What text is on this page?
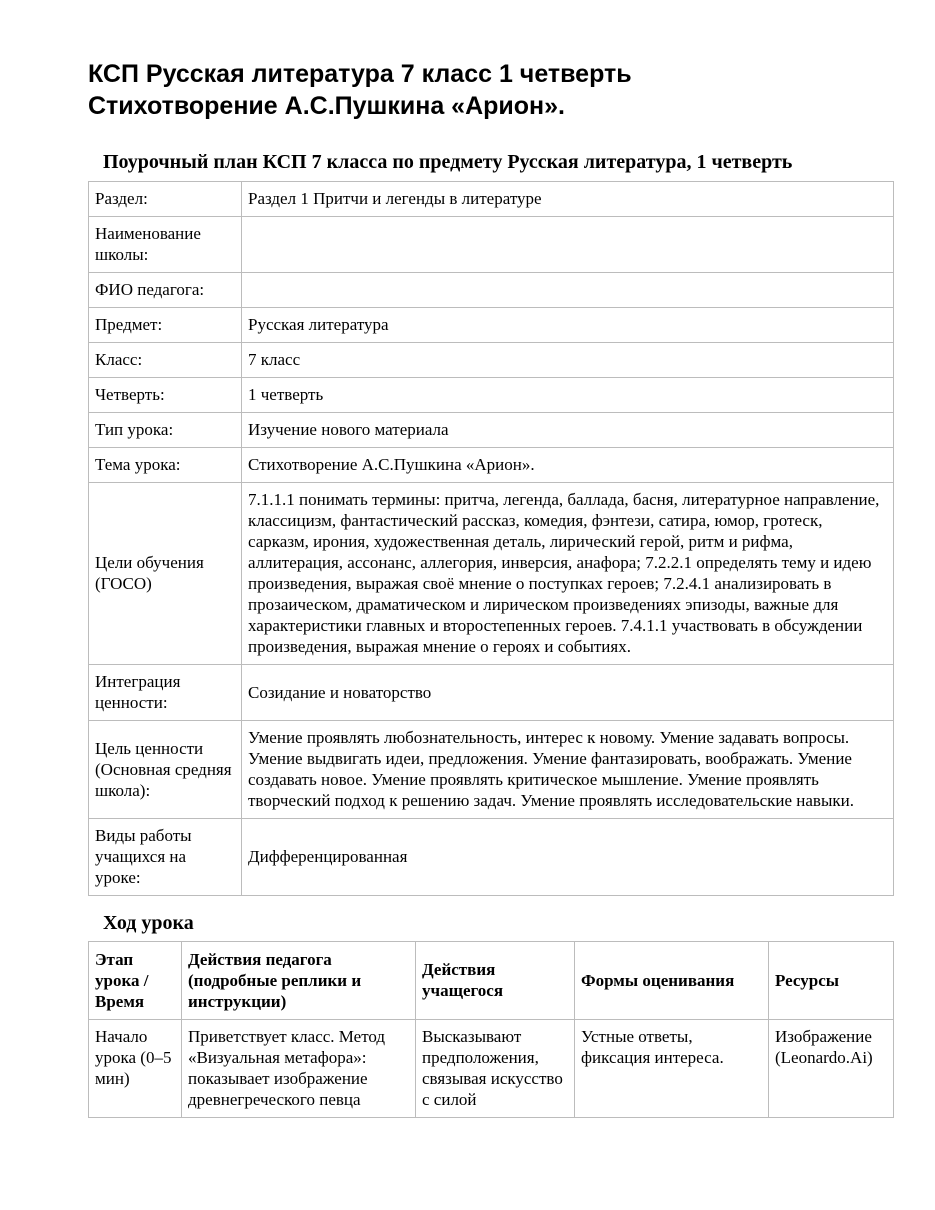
КСП Русская литература 7 класс 1 четверть
Стихотворение А.С.Пушкина «Арион».
Поурочный план КСП 7 класса по предмету Русская литература, 1 четверть
Раздел:	Раздел 1 Притчи и легенды в литературе
Наименование школы:	
ФИО педагога:	
Предмет:	Русская литература
Класс:	7 класс
Четверть:	1 четверть
Тип урока:	Изучение нового материала
Тема урока:	Стихотворение А.С.Пушкина «Арион».
Цели обучения (ГОСО)	7.1.1.1 понимать термины: притча, легенда, баллада, басня, литературное направление, классицизм, фантастический рассказ, комедия, фэнтези, сатира, юмор, гротеск, сарказм, ирония, художественная деталь, лирический герой, ритм и рифма, аллитерация, ассонанс, аллегория, инверсия, анафора; 7.2.2.1 определять тему и идею произведения, выражая своё мнение о поступках героев; 7.2.4.1 анализировать в прозаическом, драматическом и лирическом произведениях эпизоды, важные для характеристики главных и второстепенных героев. 7.4.1.1 участвовать в обсуждении произведения, выражая мнение о героях и событиях.
Интеграция ценности:	Созидание и новаторство
Цель ценности (Основная средняя школа):	Умение проявлять любознательность, интерес к новому. Умение задавать вопросы. Умение выдвигать идеи, предложения. Умение фантазировать, воображать. Умение создавать новое. Умение проявлять критическое мышление. Умение проявлять творческий подход к решению задач. Умение проявлять исследовательские навыки.
Виды работы учащихся на уроке:	Дифференцированная
Ход урока
Этап урока / Время	Действия педагога (подробные реплики и инструкции)	Действия учащегося	Формы оценивания	Ресурсы
Начало урока (0–5 мин)	Приветствует класс. Метод «Визуальная метафора»: показывает изображение древнегреческого певца	Высказывают предположения, связывая искусство с силой	Устные ответы, фиксация интереса.	Изображение (Leonardo.Ai)
